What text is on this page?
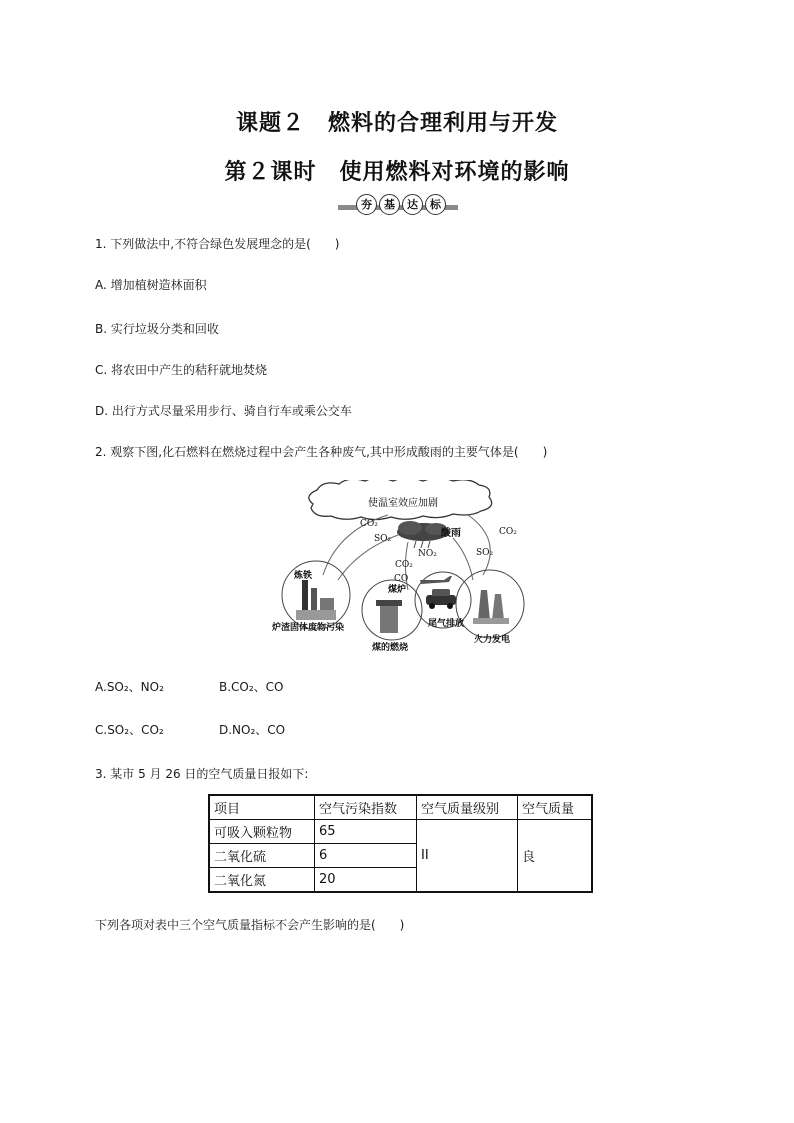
课题２　燃料的合理利用与开发
第２课时　使用燃料对环境的影响
夯	基	达	标
1. 下列做法中,不符合绿色发展理念的是(　　)
A. 增加植树造林面积
B. 实行垃圾分类和回收
C. 将农田中产生的秸秆就地焚烧
D. 出行方式尽量采用步行、骑自行车或乘公交车
2. 观察下图,化石燃料在燃烧过程中会产生各种废气,其中形成酸雨的主要气体是(　　)
使温室效应加剧
酸雨
CO₂
SO₂
NO₂
CO₂
CO
SO₂
CO₂
炼铁
煤炉
炉渣固体废物污染
煤的燃烧
尾气排放
火力发电
A.SO₂、NO₂	B.CO₂、CO
C.SO₂、CO₂	D.NO₂、CO
3. 某市 5 月 26 日的空气质量日报如下:
项目	空气污染指数	空气质量级别	空气质量
可吸入颗粒物	65	II	良
二氧化硫	6		
二氧化氮	20		
下列各项对表中三个空气质量指标不会产生影响的是(　　)
